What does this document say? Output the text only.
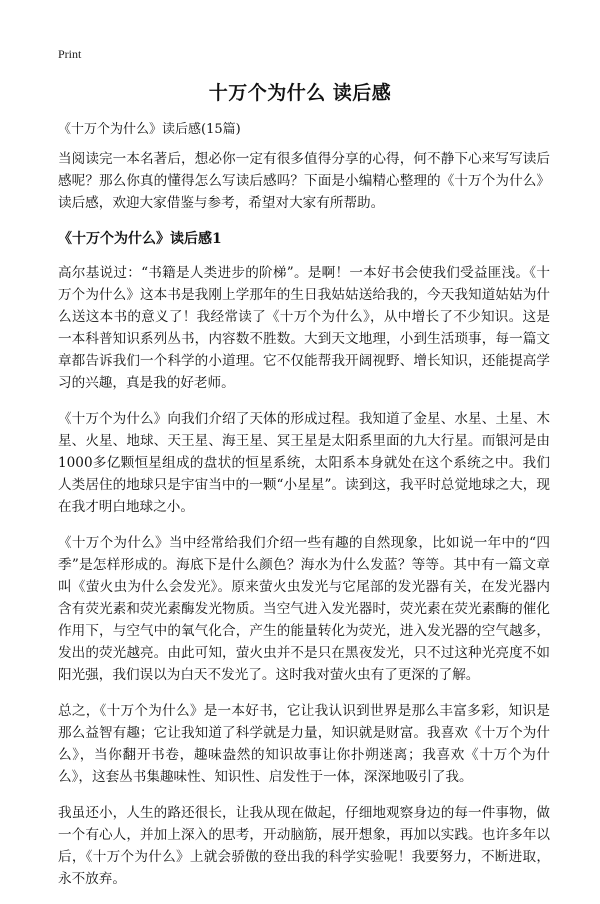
Print
十万个为什么 读后感
《十万个为什么》读后感(15篇)

当阅读完一本名著后，想必你一定有很多值得分享的心得，何不静下心来写写读后感呢？那么你真的懂得怎么写读后感吗？下面是小编精心整理的《十万个为什么》读后感，欢迎大家借鉴与参考，希望对大家有所帮助。

《十万个为什么》读后感1

高尔基说过：“书籍是人类进步的阶梯”。是啊！一本好书会使我们受益匪浅。《十万个为什么》这本书是我刚上学那年的生日我姑姑送给我的，今天我知道姑姑为什么送这本书的意义了！我经常读了《十万个为什么》，从中增长了不少知识。这是一本科普知识系列丛书，内容数不胜数。大到天文地理，小到生活琐事，每一篇文章都告诉我们一个科学的小道理。它不仅能帮我开阔视野、增长知识，还能提高学习的兴趣，真是我的好老师。

《十万个为什么》向我们介绍了天体的形成过程。我知道了金星、水星、土星、木星、火星、地球、天王星、海王星、冥王星是太阳系里面的九大行星。而银河是由1000多亿颗恒星组成的盘状的恒星系统，太阳系本身就处在这个系统之中。我们人类居住的地球只是宇宙当中的一颗“小星星”。读到这，我平时总觉地球之大，现在我才明白地球之小。

《十万个为什么》当中经常给我们介绍一些有趣的自然现象，比如说一年中的“四季”是怎样形成的。海底下是什么颜色？海水为什么发蓝？等等。其中有一篇文章叫《萤火虫为什么会发光》。原来萤火虫发光与它尾部的发光器有关，在发光器内含有荧光素和荧光素酶发光物质。当空气进入发光器时，荧光素在荧光素酶的催化作用下，与空气中的氧气化合，产生的能量转化为荧光，进入发光器的空气越多，发出的荧光越亮。由此可知，萤火虫并不是只在黑夜发光，只不过这种光亮度不如阳光强，我们误以为白天不发光了。这时我对萤火虫有了更深的了解。

总之，《十万个为什么》是一本好书，它让我认识到世界是那么丰富多彩，知识是那么益智有趣；它让我知道了科学就是力量，知识就是财富。我喜欢《十万个为什么》，当你翻开书卷，趣味盎然的知识故事让你扑朔迷离；我喜欢《十万个为什么》，这套丛书集趣味性、知识性、启发性于一体，深深地吸引了我。

我虽还小，人生的路还很长，让我从现在做起，仔细地观察身边的每一件事物，做一个有心人，并加上深入的思考，开动脑筋，展开想象，再加以实践。也许多年以后，《十万个为什么》上就会骄傲的登出我的科学实验呢！我要努力，不断进取，永不放弃。
